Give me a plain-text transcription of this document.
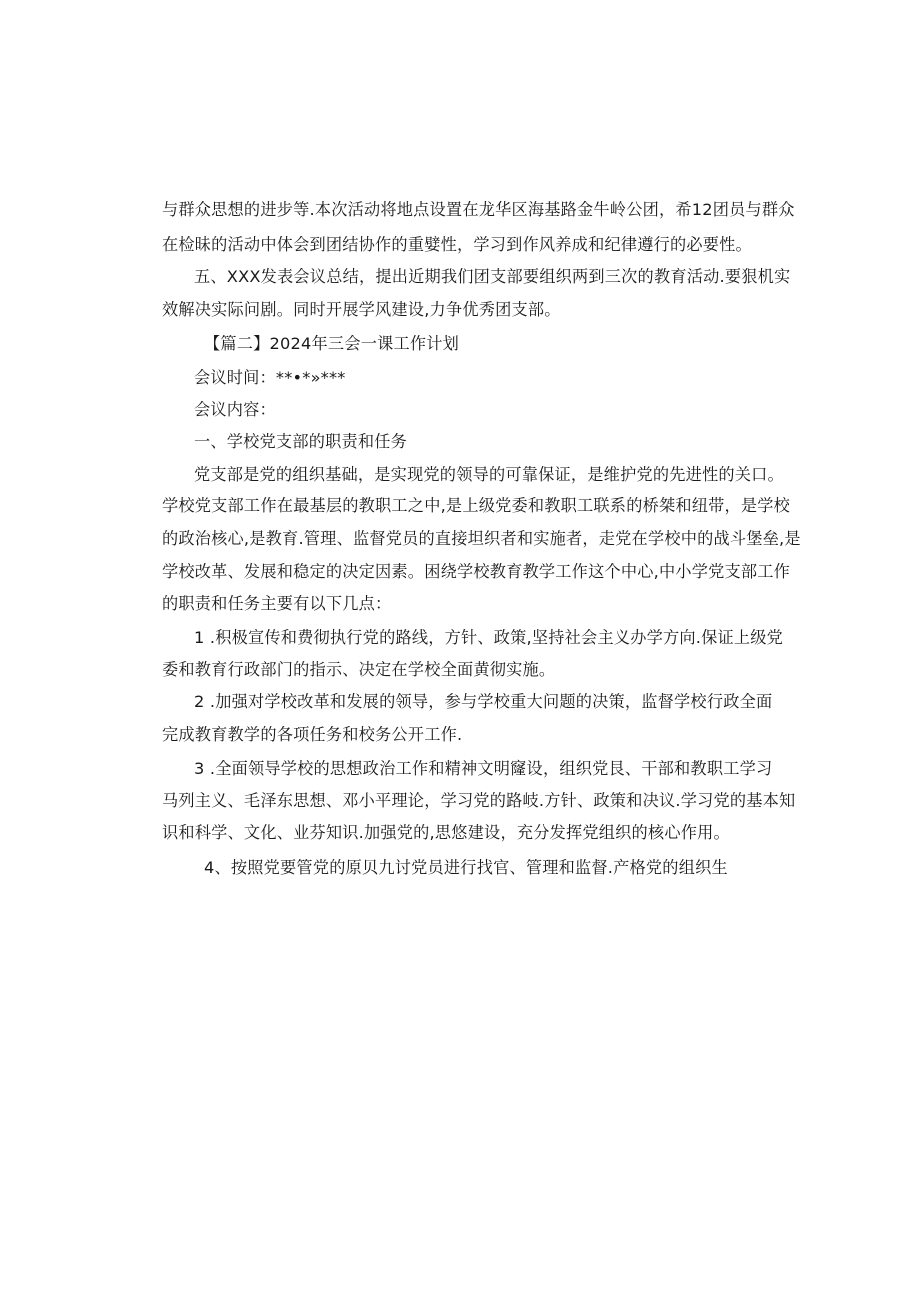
与群众思想的进步等.本次活动将地点设置在龙华区海基路金牛岭公团，希12团员与群众
在检昧的活动中体会到团结协作的重嬖性，学习到作风养成和纪律遵行的必要性。
五、XXX发表会议总结，提出近期我们团支部要组织两到三次的教育活动.要狠机实
效解决实际问剧。同时开展学风建设,力争优秀团支部。
【篇二】2024年三会一课工作计划
会议时间：**•*»***
会议内容：
一、学校党支部的职责和任务
党支部是党的组织基础，是实现党的领导的可靠保证，是维护党的先进性的关口。
学校党支部工作在最基层的教职工之中,是上级党委和教职工联系的桥桀和纽带，是学校
的政治核心,是教育.管理、监督党员的直接坦织者和实施者，走党在学校中的战斗堡垒,是
学校改革、发展和稳定的决定因素。困绕学校教育教学工作这个中心,中小学党支部工作
的职责和任务主要有以下几点：
1 .积极宣传和费彻执行党的路线，方针、政策,坚持社会主义办学方向.保证上级党
委和教育行政部门的指示、决定在学校全面黄彻实施。
2 .加强对学校改革和发展的领导，参与学校重大问题的决策，监督学校行政全面
完成教育教学的各项任务和校务公开工作.
3 .全面领导学校的思想政治工作和精神文明窿设，组织党艮、干部和教职工学习
马列主义、毛泽东思想、邓小平理论，学习党的路岐.方针、政策和决议.学习党的基本知
识和科学、文化、业芬知识.加强党的,思悠建设，充分发挥党组织的核心作用。
4、按照党要管党的原贝九讨党员进行找官、管理和监督.产格党的组织生
